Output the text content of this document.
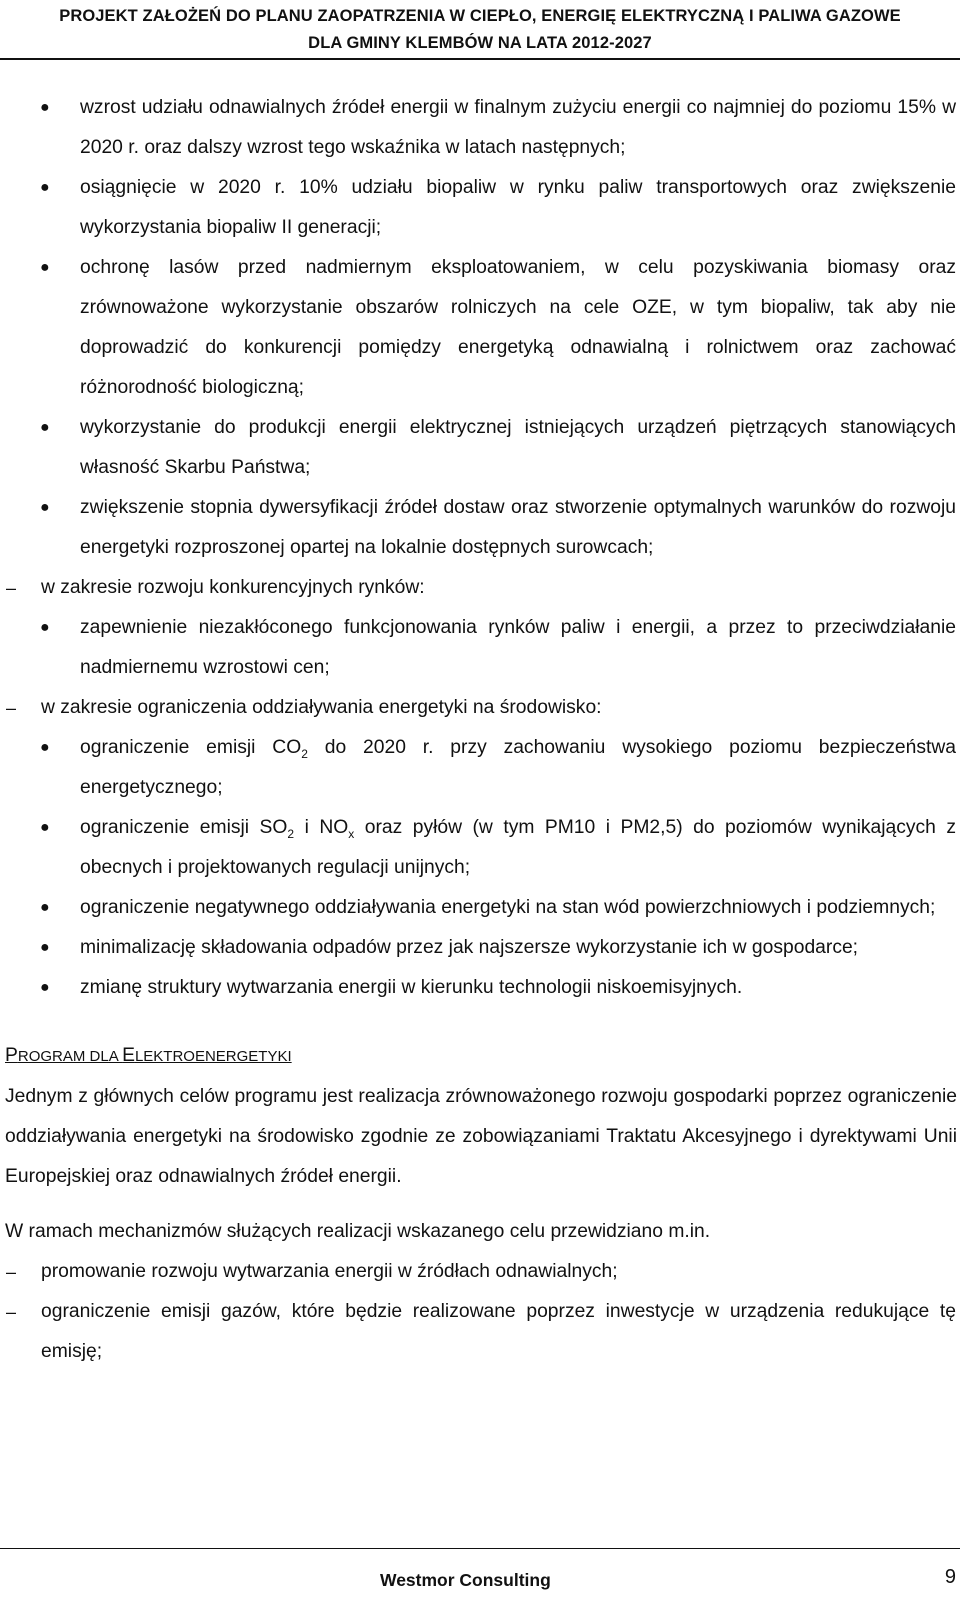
PROJEKT ZAŁOŻEŃ DO PLANU ZAOPATRZENIA W CIEPŁO, ENERGIĘ ELEKTRYCZNĄ I PALIWA GAZOWE
DLA GMINY KLEMBÓW NA LATA 2012-2027
● wzrost udziału odnawialnych źródeł energii w finalnym zużyciu energii co najmniej do poziomu 15% w 2020 r. oraz dalszy wzrost tego wskaźnika w latach następnych;
● osiągnięcie w 2020 r. 10% udziału biopaliw w rynku paliw transportowych oraz zwiększenie wykorzystania biopaliw II generacji;
● ochronę lasów przed nadmiernym eksploatowaniem, w celu pozyskiwania biomasy oraz zrównoważone wykorzystanie obszarów rolniczych na cele OZE, w tym biopaliw, tak aby nie doprowadzić do konkurencji pomiędzy energetyką odnawialną i rolnictwem oraz zachować różnorodność biologiczną;
● wykorzystanie do produkcji energii elektrycznej istniejących urządzeń piętrzących stanowiących własność Skarbu Państwa;
● zwiększenie stopnia dywersyfikacji źródeł dostaw oraz stworzenie optymalnych warunków do rozwoju energetyki rozproszonej opartej na lokalnie dostępnych surowcach;
–	w zakresie rozwoju konkurencyjnych rynków:
● zapewnienie niezakłóconego funkcjonowania rynków paliw i energii, a przez to przeciwdziałanie nadmiernemu wzrostowi cen;
–	w zakresie ograniczenia oddziaływania energetyki na środowisko:
● ograniczenie emisji $CO_2$ do 2020 r. przy zachowaniu wysokiego poziomu bezpieczeństwa energetycznego;
● ograniczenie emisji $SO_2$ i $NO_x$ oraz pyłów (w tym PM10 i PM2,5) do poziomów wynikających z obecnych i projektowanych regulacji unijnych;
● ograniczenie negatywnego oddziaływania energetyki na stan wód powierzchniowych i podziemnych;
● minimalizację składowania odpadów przez jak najszersze wykorzystanie ich w gospodarce;
● zmianę struktury wytwarzania energii w kierunku technologii niskoemisyjnych.
PROGRAM DLA ELEKTROENERGETYKI
Jednym z głównych celów programu jest realizacja zrównoważonego rozwoju gospodarki poprzez ograniczenie oddziaływania energetyki na środowisko zgodnie ze zobowiązaniami Traktatu Akcesyjnego i dyrektywami Unii Europejskiej oraz odnawialnych źródeł energii.
W ramach mechanizmów służących realizacji wskazanego celu przewidziano m.in.
–	promowanie rozwoju wytwarzania energii w źródłach odnawialnych;
–	ograniczenie emisji gazów, które będzie realizowane poprzez inwestycje w urządzenia redukujące tę emisję;
Westmor Consulting	9
